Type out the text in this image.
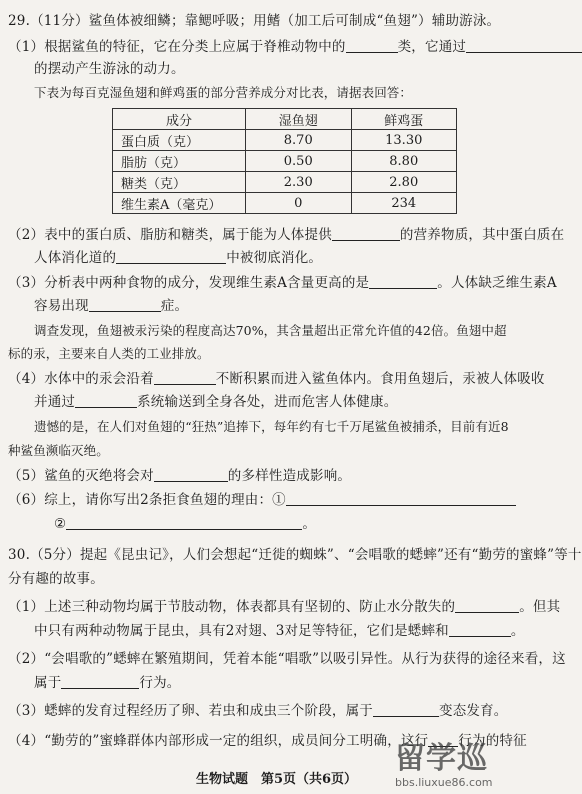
29.（11分）鲨鱼体被细鳞；靠鳃呼吸；用鳍（加工后可制成“鱼翅”）辅助游泳。
（1）根据鲨鱼的特征，它在分类上应属于脊椎动物中的	类，它通过
的摆动产生游泳的动力。
下表为每百克湿鱼翅和鲜鸡蛋的部分营养成分对比表，请据表回答：
成分	湿鱼翅	鲜鸡蛋
蛋白质（克）	8.70	13.30
脂肪（克）	0.50	8.80
糖类（克）	2.30	2.80
维生素A（毫克）	0	234
（2）表中的蛋白质、脂肪和糖类，属于能为人体提供	的营养物质，其中蛋白质在
人体消化道的	中被彻底消化。
（3）分析表中两种食物的成分，发现维生素A含量更高的是	。人体缺乏维生素A
容易出现	症。
调查发现，鱼翅被汞污染的程度高达70%，其含量超出正常允许值的42倍。鱼翅中超
标的汞，主要来自人类的工业排放。
（4）水体中的汞会沿着	不断积累而进入鲨鱼体内。食用鱼翅后，汞被人体吸收
并通过	系统输送到全身各处，进而危害人体健康。
遗憾的是，在人们对鱼翅的“狂热”追捧下，每年约有七千万尾鲨鱼被捕杀，目前有近8
种鲨鱼濒临灭绝。
（5）鲨鱼的灭绝将会对	的多样性造成影响。
（6）综上，请你写出2条拒食鱼翅的理由：①
②	。
30.（5分）提起《昆虫记》，人们会想起“迁徙的蜘蛛”、“会唱歌的蟋蟀”还有“勤劳的蜜蜂”等十
分有趣的故事。
（1）上述三种动物均属于节肢动物，体表都具有坚韧的、防止水分散失的	。但其
中只有两种动物属于昆虫，具有2对翅、3对足等特征，它们是蟋蟀和	。
（2）“会唱歌的”蟋蟀在繁殖期间，凭着本能“唱歌”以吸引异性。从行为获得的途径来看，这
属于	行为。
（3）蟋蟀的发育过程经历了卵、若虫和成虫三个阶段，属于	变态发育。
（4）“勤劳的”蜜蜂群体内部形成一定的组织，成员间分工明确，这行 行为的特征
生物试题　第5页（共6页）
留学巡
bbs.liuxue86.com
